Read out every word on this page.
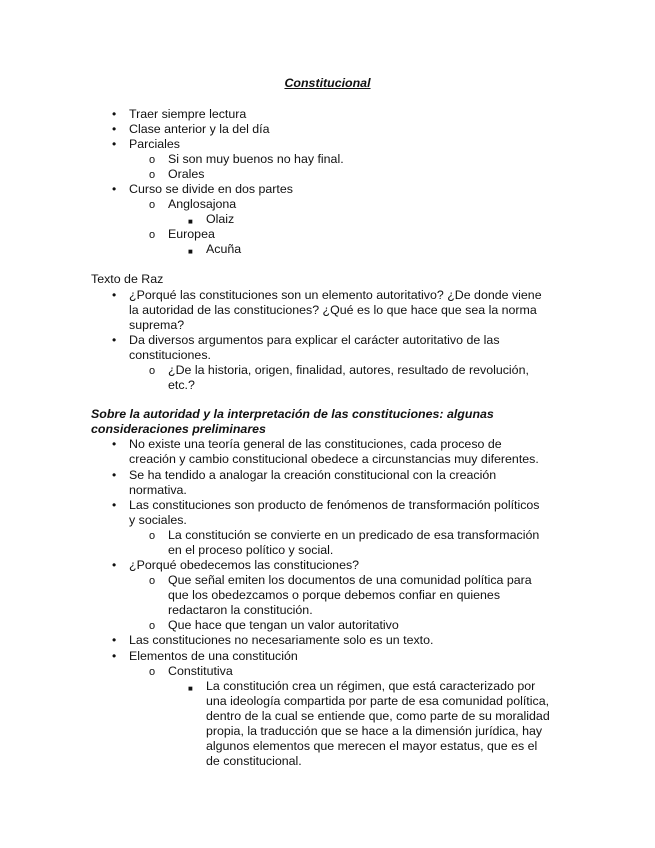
Constitucional
• Traer siempre lectura
• Clase anterior y la del día
• Parciales
o Si son muy buenos no hay final.
o Orales
• Curso se divide en dos partes
o Anglosajona
■ Olaiz
o Europea
■ Acuña
Texto de Raz
• ¿Porqué las constituciones son un elemento autoritativo? ¿De donde viene
la autoridad de las constituciones? ¿Qué es lo que hace que sea la norma
suprema?
• Da diversos argumentos para explicar el carácter autoritativo de las
constituciones.
o ¿De la historia, origen, finalidad, autores, resultado de revolución,
etc.?
Sobre la autoridad y la interpretación de las constituciones: algunas
consideraciones preliminares
• No existe una teoría general de las constituciones, cada proceso de
creación y cambio constitucional obedece a circunstancias muy diferentes.
• Se ha tendido a analogar la creación constitucional con la creación
normativa.
• Las constituciones son producto de fenómenos de transformación políticos
y sociales.
o La constitución se convierte en un predicado de esa transformación
en el proceso político y social.
• ¿Porqué obedecemos las constituciones?
o Que señal emiten los documentos de una comunidad política para
que los obedezcamos o porque debemos confiar en quienes
redactaron la constitución.
o Que hace que tengan un valor autoritativo
• Las constituciones no necesariamente solo es un texto.
• Elementos de una constitución
o Constitutiva
■ La constitución crea un régimen, que está caracterizado por
una ideología compartida por parte de esa comunidad política,
dentro de la cual se entiende que, como parte de su moralidad
propia, la traducción que se hace a la dimensión jurídica, hay
algunos elementos que merecen el mayor estatus, que es el
de constitucional.
